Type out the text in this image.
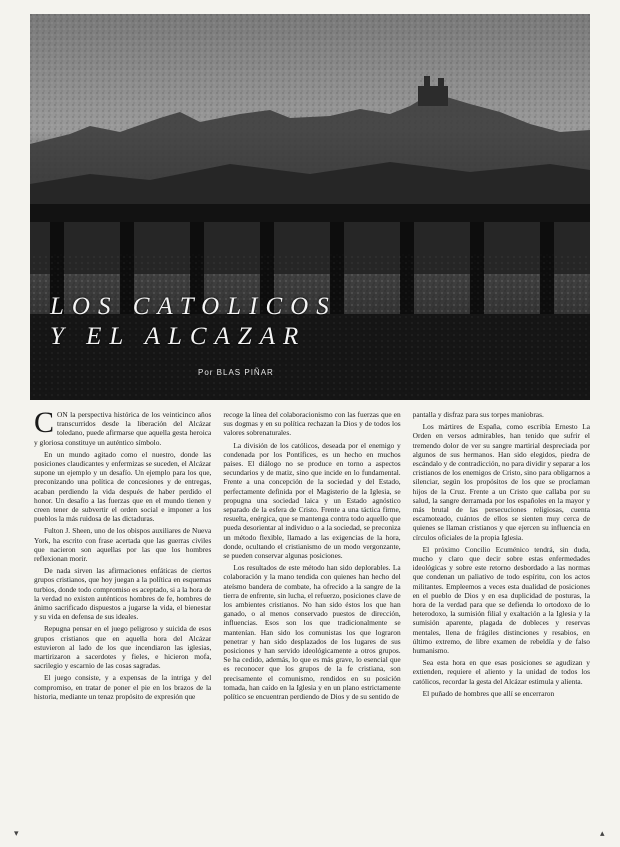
LOS CATOLICOS
Y EL ALCAZAR
Por BLAS PIÑAR

CON la perspectiva histórica de los veinticinco años transcurridos desde la liberación del Alcázar toledano, puede afirmarse que aquella gesta heroica y gloriosa constituye un auténtico símbolo.

En un mundo agitado como el nuestro, donde las posiciones claudicantes y enfermizas se suceden, el Alcázar supone un ejemplo y un desafío. Un ejemplo para los que, preconizando una política de concesiones y de entregas, acaban perdiendo la vida después de haber perdido el honor. Un desafío a las fuerzas que en el mundo tienen y creen tener de subvertir el orden social e imponer a los pueblos la más ruidosa de las dictaduras.

Fulton J. Sheen, uno de los obispos auxiliares de Nueva York, ha escrito con frase acertada que las guerras civiles que nacieron son aquellas por las que los hombres reflexionan morir.

De nada sirven las afirmaciones enfáticas de ciertos grupos cristianos, que hoy juegan a la política en esquemas turbios, donde todo compromiso es aceptado, si a la hora de la verdad no existen auténticos hombres de fe, hombres de ánimo sacrificado dispuestos a jugarse la vida, el bienestar y su vida en defensa de sus ideales.

Repugna pensar en el juego peligroso y suicida de esos grupos cristianos que en aquella hora del Alcázar estuvieron al lado de los que incendiaron las iglesias, martirizaron a sacerdotes y fieles, e hicieron mofa, sacrilegio y escarnio de las cosas sagradas.

El juego consiste, y a expensas de la intriga y del compromiso, en tratar de poner el pie en los brazos de la historia, mediante un tenaz propósito de expresión que

recoge la línea del colaboracionismo con las fuerzas que en sus dogmas y en su política rechazan la Dios y de todos los valores sobrenaturales.

La división de los católicos, deseada por el enemigo y condenada por los Pontífices, es un hecho en muchos países. El diálogo no se produce en torno a aspectos secundarios y de matiz, sino que incide en lo fundamental. Frente a una concepción de la sociedad y del Estado, perfectamente definida por el Magisterio de la Iglesia, se propugna una sociedad laica y un Estado agnóstico separado de la esfera de Cristo. Frente a una táctica firme, resuelta, enérgica, que se mantenga contra todo aquello que pueda desorientar al individuo o a la sociedad, se preconiza un método flexible, llamado a las exigencias de la hora, donde, ocultando el cristianismo de un modo vergonzante, se pueden conservar algunas posiciones.

Los resultados de este método han sido deplorables. La colaboración y la mano tendida con quienes han hecho del ateísmo bandera de combate, ha ofrecido a la sangre de la tierra de enfrente, sin lucha, el refuerzo, posiciones clave de los ambientes cristianos. No han sido éstos los que han ganado, o al menos conservado puestos de dirección, influencias. Esos son los que tradicionalmente se mantenían. Han sido los comunistas los que lograron penetrar y han sido desplazados de los lugares de sus posiciones y han servido ideológicamente a otros grupos. Se ha cedido, además, lo que es más grave, lo esencial que es reconocer que los grupos de la fe cristiana, son precisamente el comunismo, rendidos en su posición tomada, han caído en la Iglesia y en un plano estrictamente político se encuentran perdiendo de Dios y de su sentido de

pantalla y disfraz para sus torpes maniobras.

Los mártires de España, como escribía Ernesto La Orden en versos admirables, han tenido que sufrir el tremendo dolor de ver su sangre martirial despreciada por algunos de sus hermanos. Han sido elegidos, piedra de escándalo y de contradicción, no para dividir y separar a los cristianos de los enemigos de Cristo, sino para obligarnos a silenciar, según los propósitos de los que se proclaman hijos de la Cruz. Frente a un Cristo que callaba por su salud, la sangre derramada por los españoles en la mayor y más brutal de las persecuciones religiosas, cuenta escamoteado, cuántos de ellos se sienten muy cerca de quienes se llaman cristianos y que ejercen su influencia en círculos oficiales de la propia Iglesia.

El próximo Concilio Ecuménico tendrá, sin duda, mucho y claro que decir sobre estas enfermedades ideológicas y sobre este retorno desbordado a las normas que condenan un paliativo de todo espíritu, con los actos militantes. Empleemos a veces esta dualidad de posiciones en el pueblo de Dios y en esa duplicidad de posturas, la hora de la verdad para que se defienda lo ortodoxo de lo heterodoxo, la sumisión filial y exaltación a la Iglesia y la sumisión aparente, plagada de dobleces y reservas mentales, llena de frágiles distinciones y resabios, en último extremo, de libre examen de rebeldía y de falso humanismo.

Sea esta hora en que esas posiciones se agudizan y extienden, requiere el aliento y la unidad de todos los católicos, recordar la gesta del Alcázar estimula y alienta.

El puñado de hombres que allí se encerraron

▾	▴
